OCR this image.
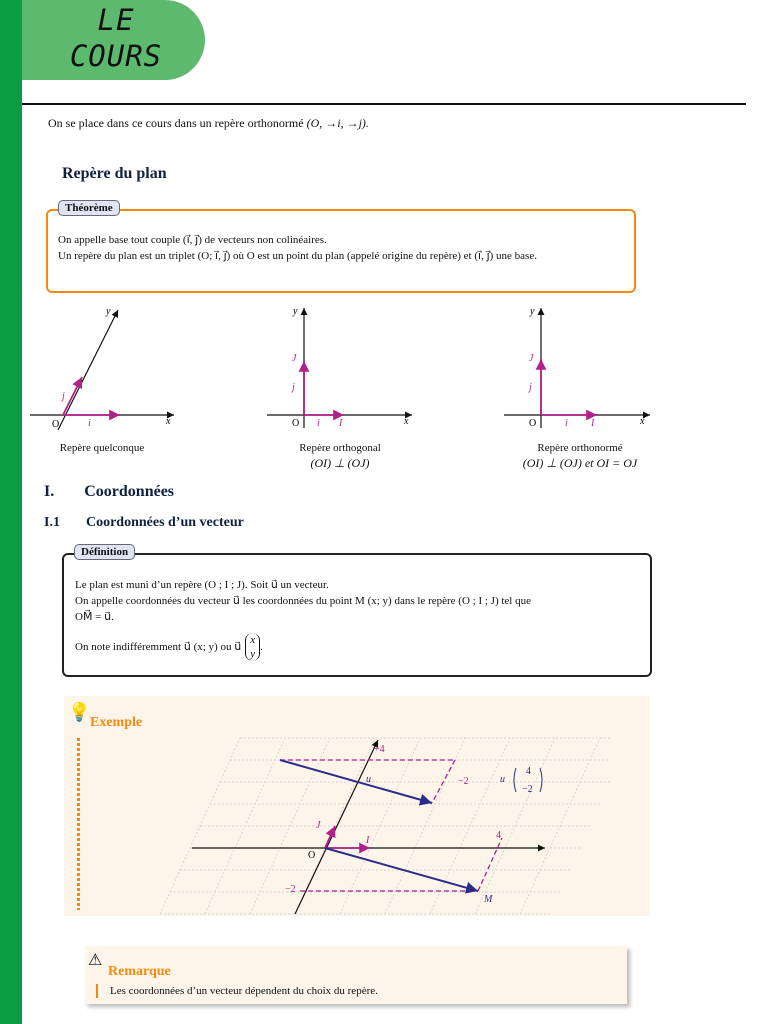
LE
COURS
On se place dans ce cours dans un repère orthonormé (O, →i, →j).
Repère du plan
Théorème
On appelle base tout couple (i⃗, j⃗) de vecteurs non colinéaires.
Un repère du plan est un triplet (O; i⃗, j⃗) où O est un point du plan (appelé origine du repère) et (i⃗, j⃗) une base.
x
y
O	i⃗
j⃗
x
y
O i⃗ I
j⃗
J
x
y
O	i⃗ I
j⃗
J
Repère quelconque	Repère orthogonal
(OI) ⊥ (OJ)
Repère orthonormé
(OI) ⊥ (OJ) et OI = OJ
I. Coordonnées
I.1 Coordonnées d’un vecteur
Définition
Le plan est muni d’un repère (O ; I ; J). Soit u⃗ un vecteur.
On appelle coordonnées du vecteur u⃗ les coordonnées du point M (x; y) dans le repère (O ; I ; J) tel que
OM⃗ = u⃗.
On note indifféremment u⃗ (x; y) ou u⃗
x
y
.
💡 Exemple
+4
−2
u⃗	u⃗
4
−2
J
I
O
4
−2
M
⚠
Remarque
Les coordonnées d’un vecteur dépendent du choix du repère.
